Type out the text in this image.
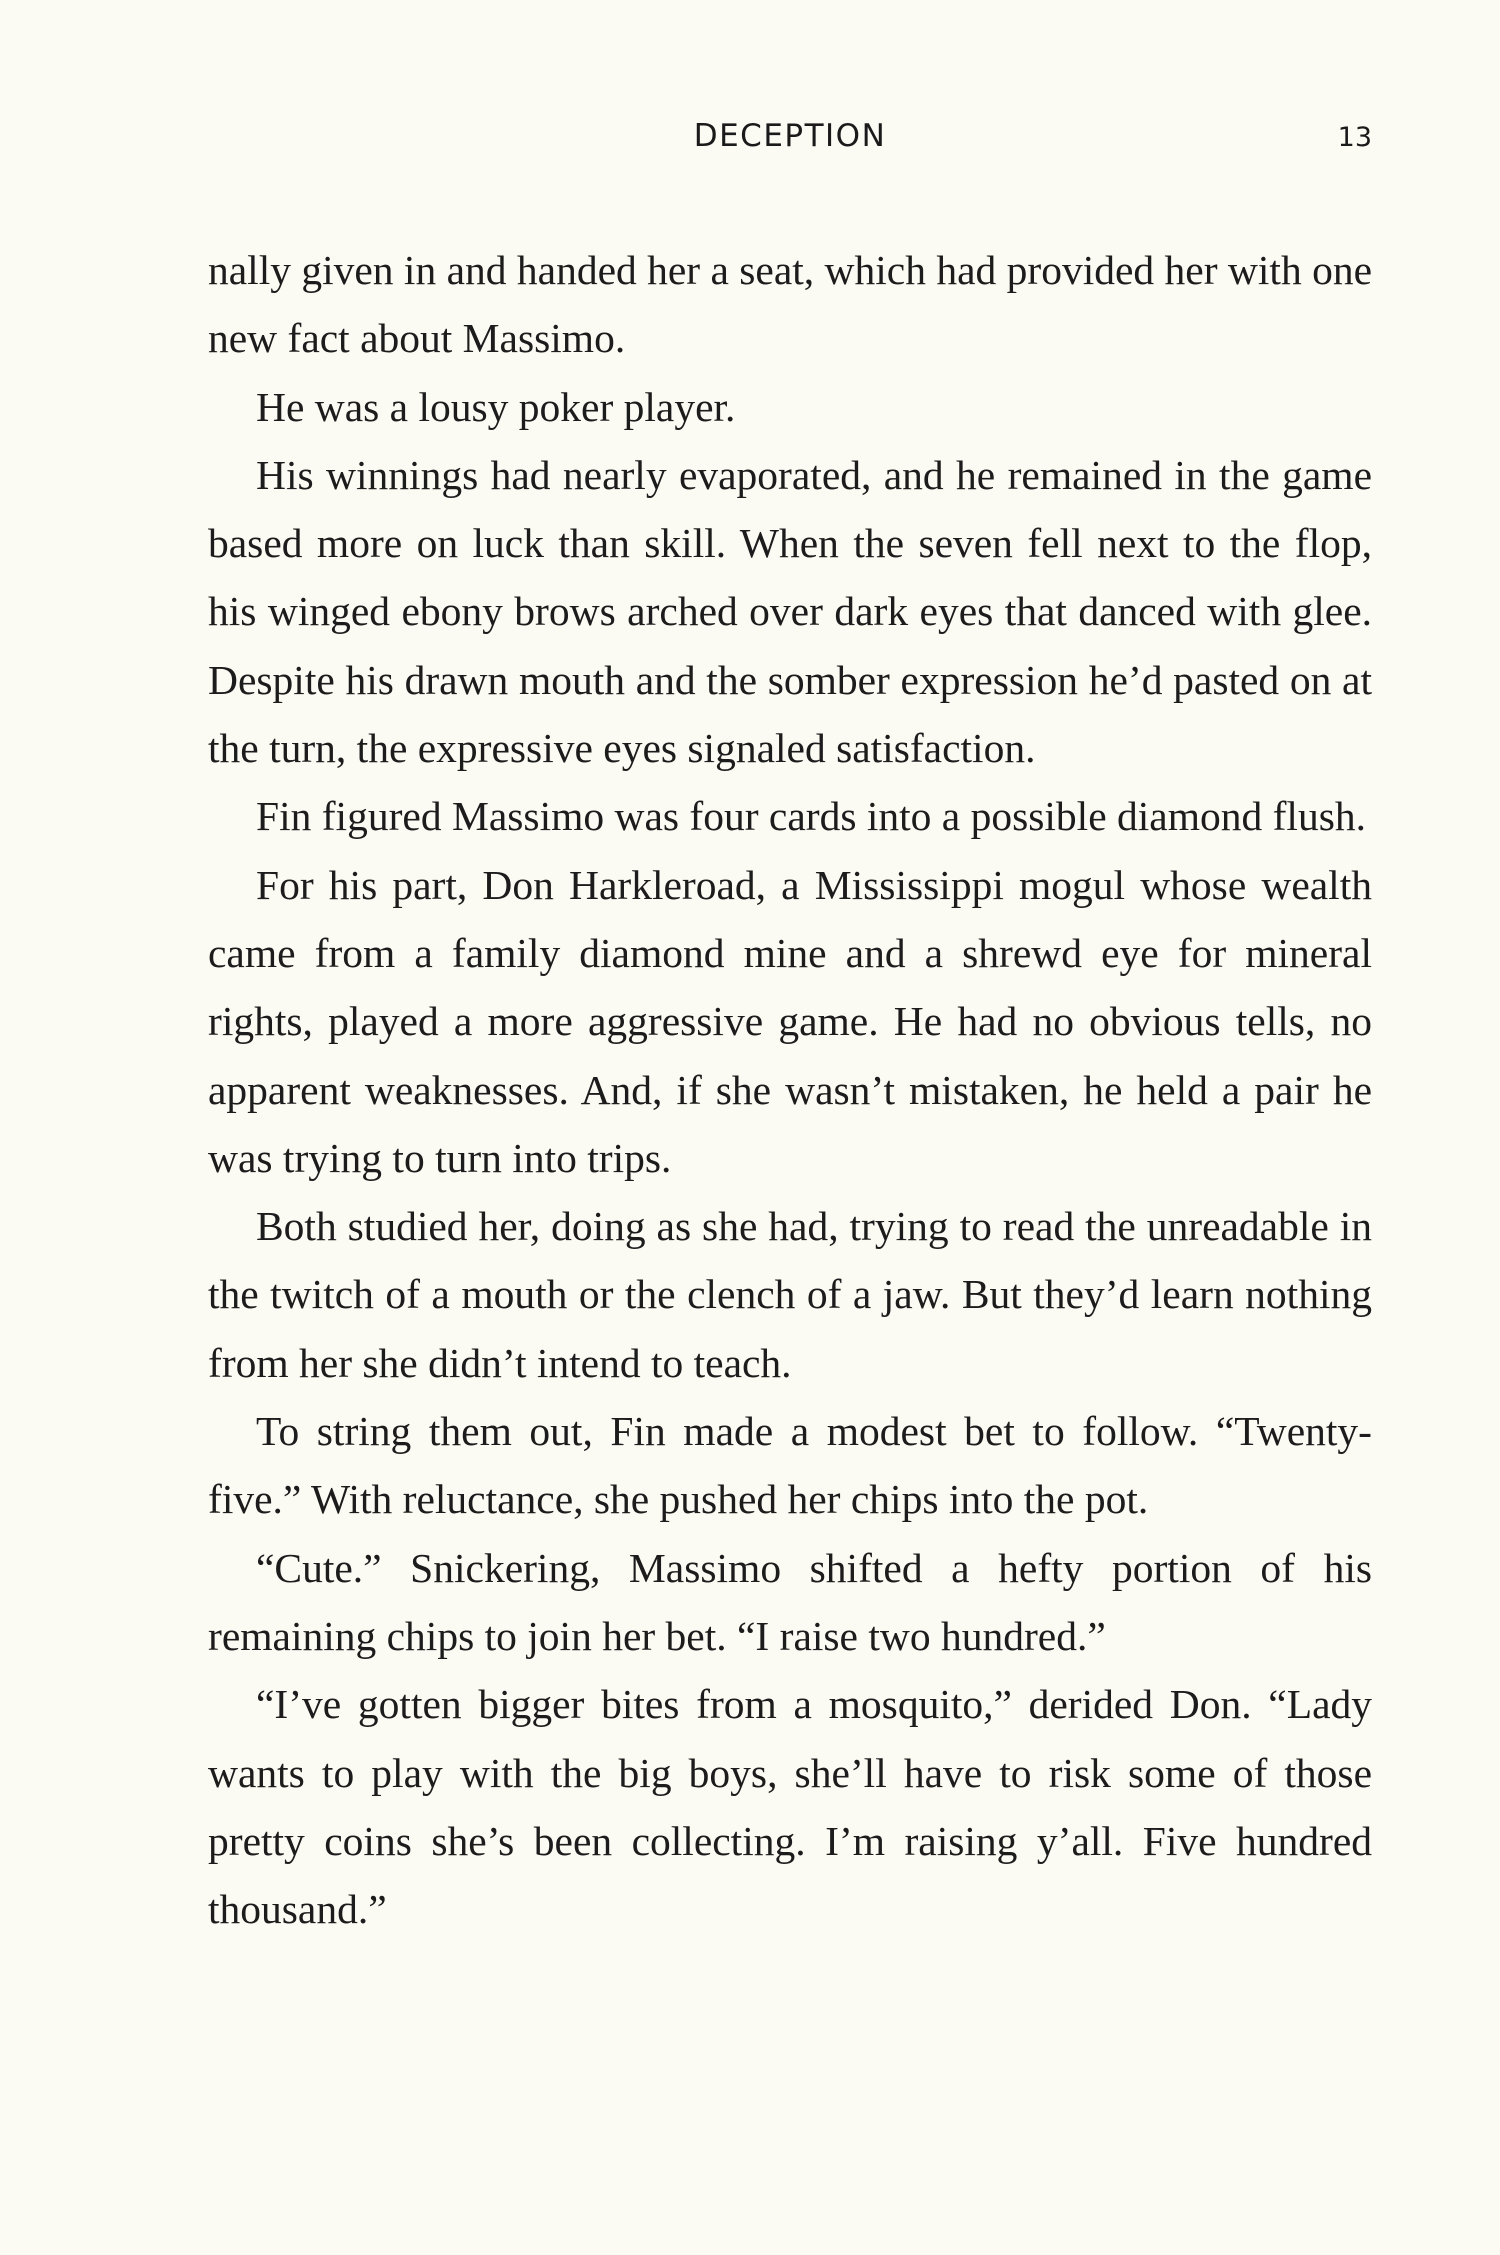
DECEPTION	13

nally given in and handed her a seat, which had provided her with one new fact about Massimo.

He was a lousy poker player.

His winnings had nearly evaporated, and he remained in the game based more on luck than skill. When the seven fell next to the flop, his winged ebony brows arched over dark eyes that danced with glee. Despite his drawn mouth and the somber expression he’d pasted on at the turn, the expressive eyes signaled satisfaction.

Fin figured Massimo was four cards into a possible diamond flush.

For his part, Don Harkleroad, a Mississippi mogul whose wealth came from a family diamond mine and a shrewd eye for mineral rights, played a more aggressive game. He had no obvious tells, no apparent weaknesses. And, if she wasn’t mistaken, he held a pair he was trying to turn into trips.

Both studied her, doing as she had, trying to read the unreadable in the twitch of a mouth or the clench of a jaw. But they’d learn nothing from her she didn’t intend to teach.

To string them out, Fin made a modest bet to follow. “Twenty-five.” With reluctance, she pushed her chips into the pot.

“Cute.” Snickering, Massimo shifted a hefty portion of his remaining chips to join her bet. “I raise two hundred.”

“I’ve gotten bigger bites from a mosquito,” derided Don. “Lady wants to play with the big boys, she’ll have to risk some of those pretty coins she’s been collecting. I’m raising y’all. Five hundred thousand.”
